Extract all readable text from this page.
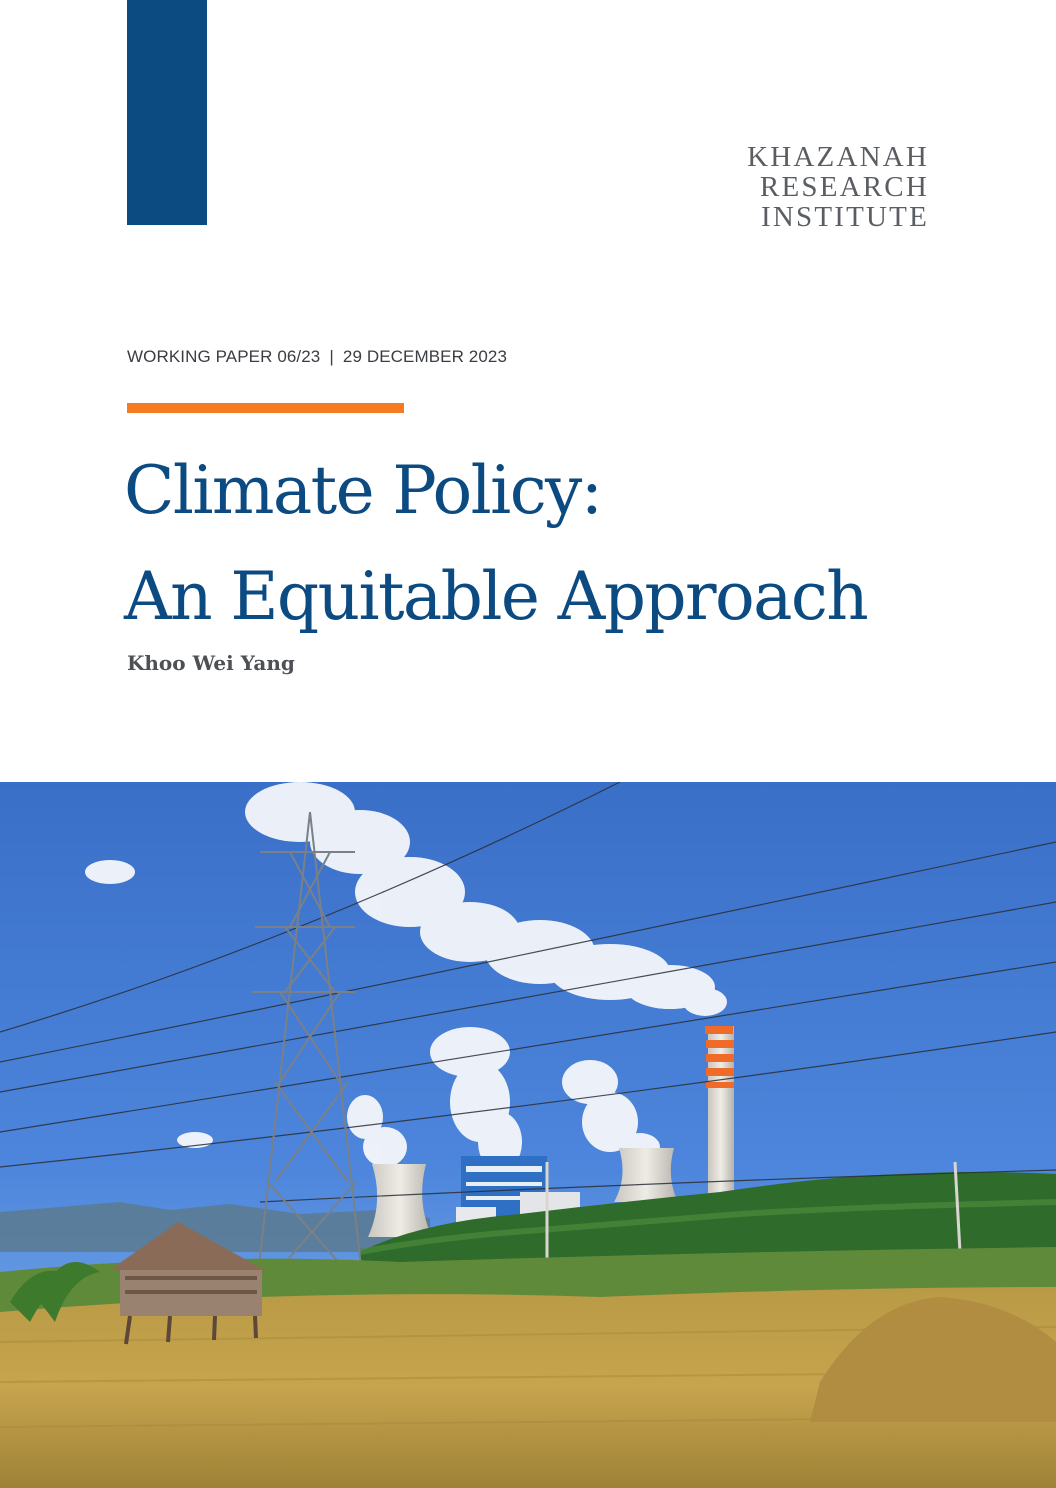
KHAZANAH
RESEARCH
INSTITUTE
WORKING PAPER 06/23 | 29 DECEMBER 2023
Climate Policy:
An Equitable Approach
Khoo Wei Yang
